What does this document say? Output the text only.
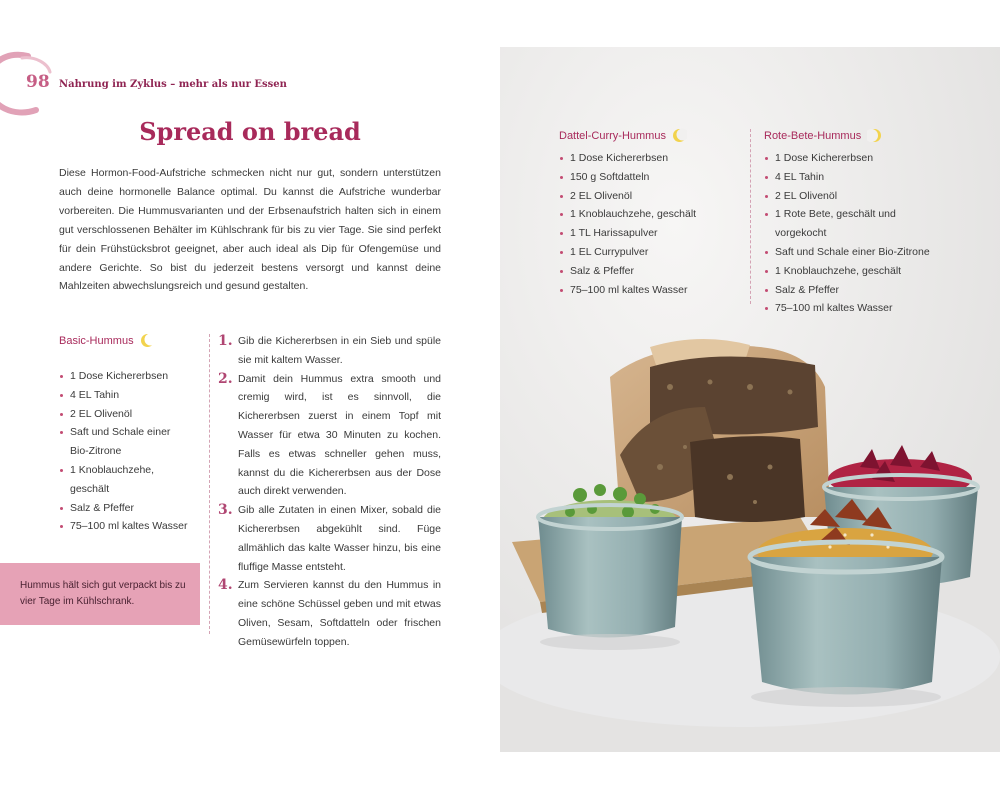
98 Nahrung im Zyklus – mehr als nur Essen
Spread on bread

Diese Hormon-Food-Aufstriche schmecken nicht nur gut, sondern unterstützen auch deine hormonelle Balance optimal. Du kannst die Aufstriche wunderbar vorbereiten. Die Hummusvarianten und der Erbsenaufstrich halten sich in einem gut verschlossenen Behälter im Kühlschrank für bis zu vier Tage. Sie sind perfekt für dein Frühstücksbrot geeignet, aber auch ideal als Dip für Ofengemüse und andere Gerichte. So bist du jederzeit bestens versorgt und kannst deine Mahlzeiten abwechslungsreich und gesund gestalten.

Basic-Hummus
1 Dose Kichererbsen
4 EL Tahin
2 EL Olivenöl
Saft und Schale einer
Bio-Zitrone
1 Knoblauchzehe,
geschält
Salz & Pfeffer
75–100 ml kaltes Wasser
1. Gib die Kichererbsen in ein Sieb und spüle sie mit kaltem Wasser.
2. Damit dein Hummus extra smooth und cremig wird, ist es sinnvoll, die Kichererbsen zuerst in einem Topf mit Wasser für etwa 30 Minuten zu kochen. Falls es etwas schneller gehen muss, kannst du die Kichererbsen aus der Dose auch direkt verwenden.
3. Gib alle Zutaten in einen Mixer, sobald die Kichererbsen abgekühlt sind. Füge allmählich das kalte Wasser hinzu, bis eine fluffige Masse entsteht.
4. Zum Servieren kannst du den Hummus in eine schöne Schüssel geben und mit etwas Oliven, Sesam, Softdatteln oder frischen Gemüsewürfeln toppen.

Hummus hält sich gut verpackt bis zu vier Tage im Kühlschrank.

Dattel-Curry-Hummus
1 Dose Kichererbsen
150 g Softdatteln
2 EL Olivenöl
1 Knoblauchzehe, geschält
1 TL Harissapulver
1 EL Currypulver
Salz & Pfeffer
75–100 ml kaltes Wasser
Rote-Bete-Hummus
1 Dose Kichererbsen
4 EL Tahin
2 EL Olivenöl
1 Rote Bete, geschält und
vorgekocht
Saft und Schale einer Bio-Zitrone
1 Knoblauchzehe, geschält
Salz & Pfeffer
75–100 ml kaltes Wasser
